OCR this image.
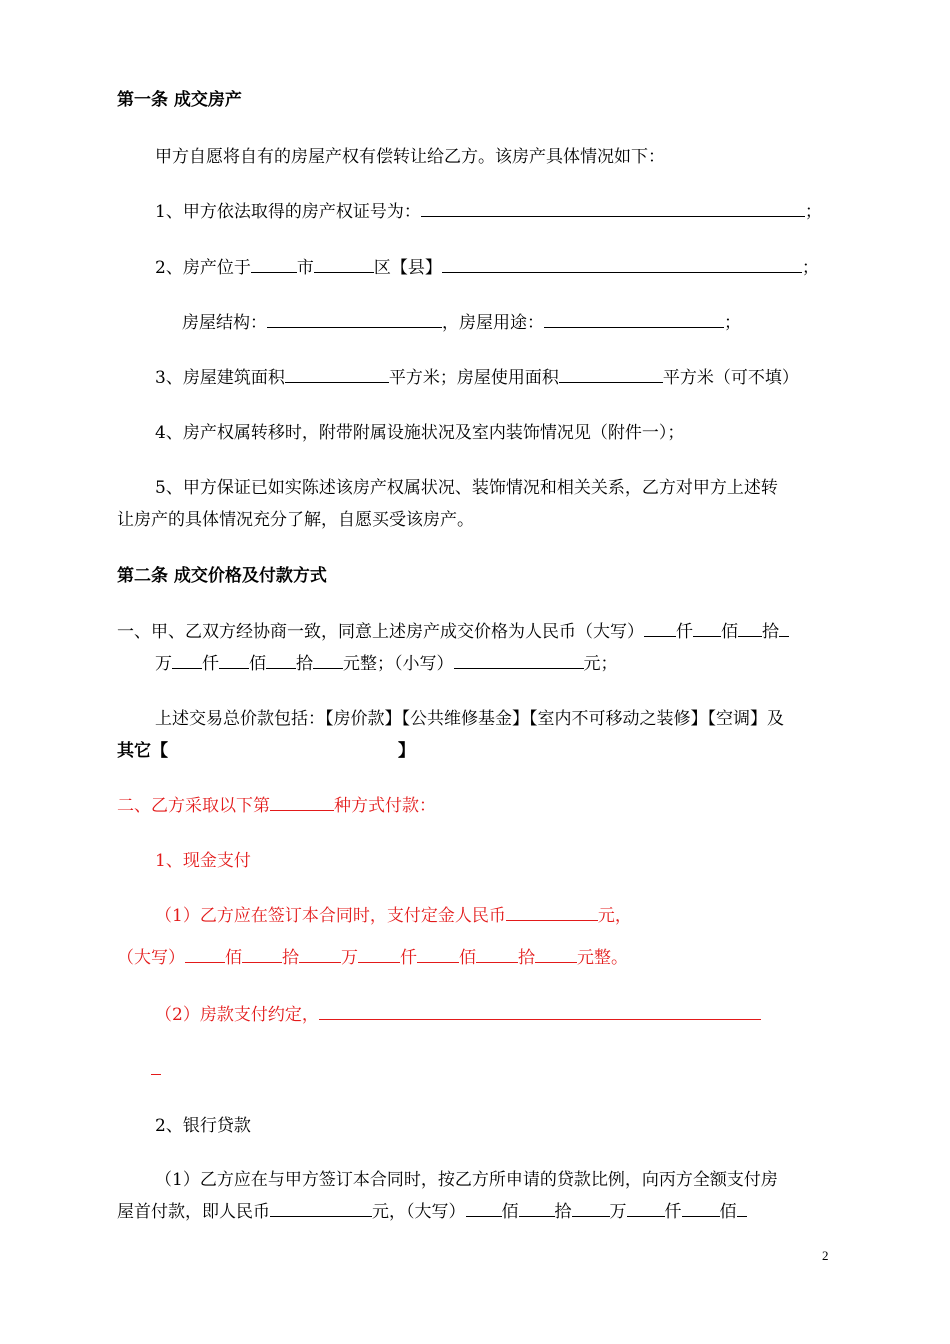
第一条 成交房产
甲方自愿将自有的房屋产权有偿转让给乙方。该房产具体情况如下：
1、甲方依法取得的房产权证号为：	；
2、房产位于	市	区【县】	；
房屋结构：	，房屋用途：	；
3、房屋建筑面积	平方米；房屋使用面积	平方米（可不填）
4、房产权属转移时，附带附属设施状况及室内装饰情况见（附件一）；
5、甲方保证已如实陈述该房产权属状况、装饰情况和相关关系，乙方对甲方上述转
让房产的具体情况充分了解，自愿买受该房产。
第二条 成交价格及付款方式
一、甲、乙双方经协商一致，同意上述房产成交价格为人民币（大写） 仟 佰 拾
万 仟 佰 拾 元整；（小写）	元；
上述交易总价款包括：【房价款】【公共维修基金】【室内不可移动之装修】【空调】及
其它【	】
二、乙方采取以下第	种方式付款：
1、现金支付
（1）乙方应在签订本合同时，支付定金人民币	元，
（大写） 佰 拾 万 仟 佰 拾 元整。
（2）房款支付约定，
2、银行贷款
（1）乙方应在与甲方签订本合同时，按乙方所申请的贷款比例，向丙方全额支付房
屋首付款，即人民币	元，（大写） 佰 拾 万 仟 佰
2
